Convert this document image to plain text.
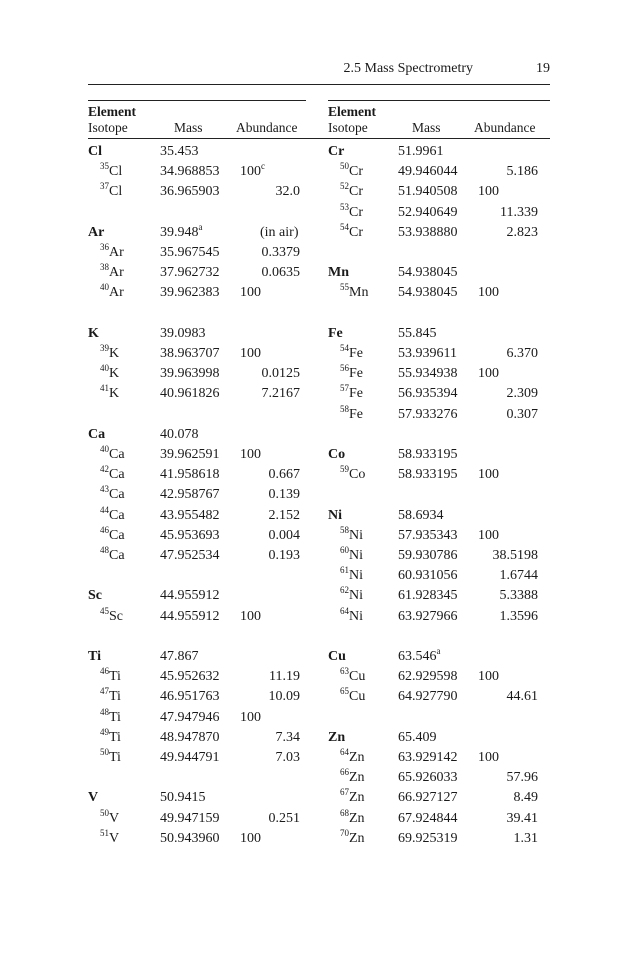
2.5 Mass Spectrometry	19
Element
Isotope	Mass Abundance
Element
Isotope	Mass Abundance
Cl	35.453
$^{35}$Cl	34.968853 100$^c$
$^{37}$Cl	36.965903	32.0
Ar	39.948$^a$	(in air)
$^{36}$Ar	35.967545	0.3379
$^{38}$Ar	37.962732	0.0635
$^{40}$Ar	39.962383 100
K	39.0983
$^{39}$K	38.963707 100
$^{40}$K	39.963998	0.0125
$^{41}$K	40.961826	7.2167
Ca	40.078
$^{40}$Ca	39.962591 100
$^{42}$Ca	41.958618	0.667
$^{43}$Ca	42.958767	0.139
$^{44}$Ca	43.955482	2.152
$^{46}$Ca	45.953693	0.004
$^{48}$Ca	47.952534	0.193
Sc	44.955912
$^{45}$Sc	44.955912 100
Ti	47.867
$^{46}$Ti	45.952632	11.19
$^{47}$Ti	46.951763	10.09
$^{48}$Ti	47.947946 100
$^{49}$Ti	48.947870	7.34
$^{50}$Ti	49.944791	7.03
V	50.9415
$^{50}$V	49.947159	0.251
$^{51}$V	50.943960 100
Cr	51.9961
$^{50}$Cr	49.946044	5.186
$^{52}$Cr	51.940508 100
$^{53}$Cr	52.940649	11.339
$^{54}$Cr	53.938880	2.823
Mn	54.938045
$^{55}$Mn 54.938045 100
Fe	55.845
$^{54}$Fe	53.939611	6.370
$^{56}$Fe	55.934938 100
$^{57}$Fe	56.935394	2.309
$^{58}$Fe	57.933276	0.307
Co	58.933195
$^{59}$Co 58.933195 100
Ni	58.6934
$^{58}$Ni	57.935343 100
$^{60}$Ni	59.930786	38.5198
$^{61}$Ni	60.931056	1.6744
$^{62}$Ni	61.928345	5.3388
$^{64}$Ni	63.927966	1.3596
Cu	63.546$^a$
$^{63}$Cu 62.929598 100
$^{65}$Cu 64.927790	44.61
Zn	65.409
$^{64}$Zn 63.929142 100
$^{66}$Zn 65.926033	57.96
$^{67}$Zn 66.927127	8.49
$^{68}$Zn 67.924844	39.41
$^{70}$Zn 69.925319	1.31
